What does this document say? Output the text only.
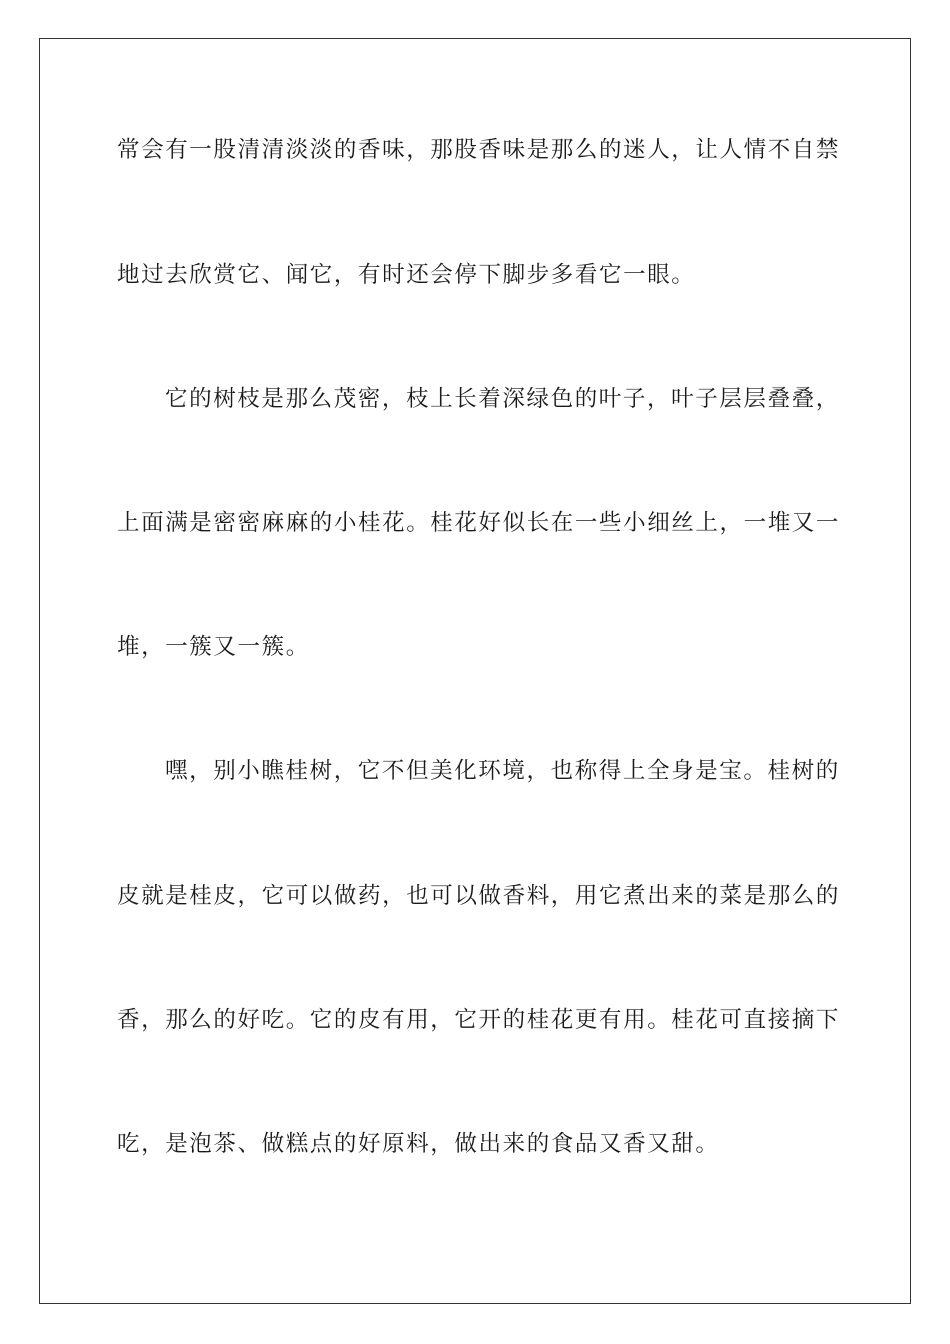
常会有一股清清淡淡的香味，那股香味是那么的迷人，让人情不自禁
地过去欣赏它、闻它，有时还会停下脚步多看它一眼。
它的树枝是那么茂密，枝上长着深绿色的叶子，叶子层层叠叠，
上面满是密密麻麻的小桂花。桂花好似长在一些小细丝上，一堆又一
堆，一簇又一簇。
嘿，别小瞧桂树，它不但美化环境，也称得上全身是宝。桂树的
皮就是桂皮，它可以做药，也可以做香料，用它煮出来的菜是那么的
香，那么的好吃。它的皮有用，它开的桂花更有用。桂花可直接摘下
吃，是泡茶、做糕点的好原料，做出来的食品又香又甜。
